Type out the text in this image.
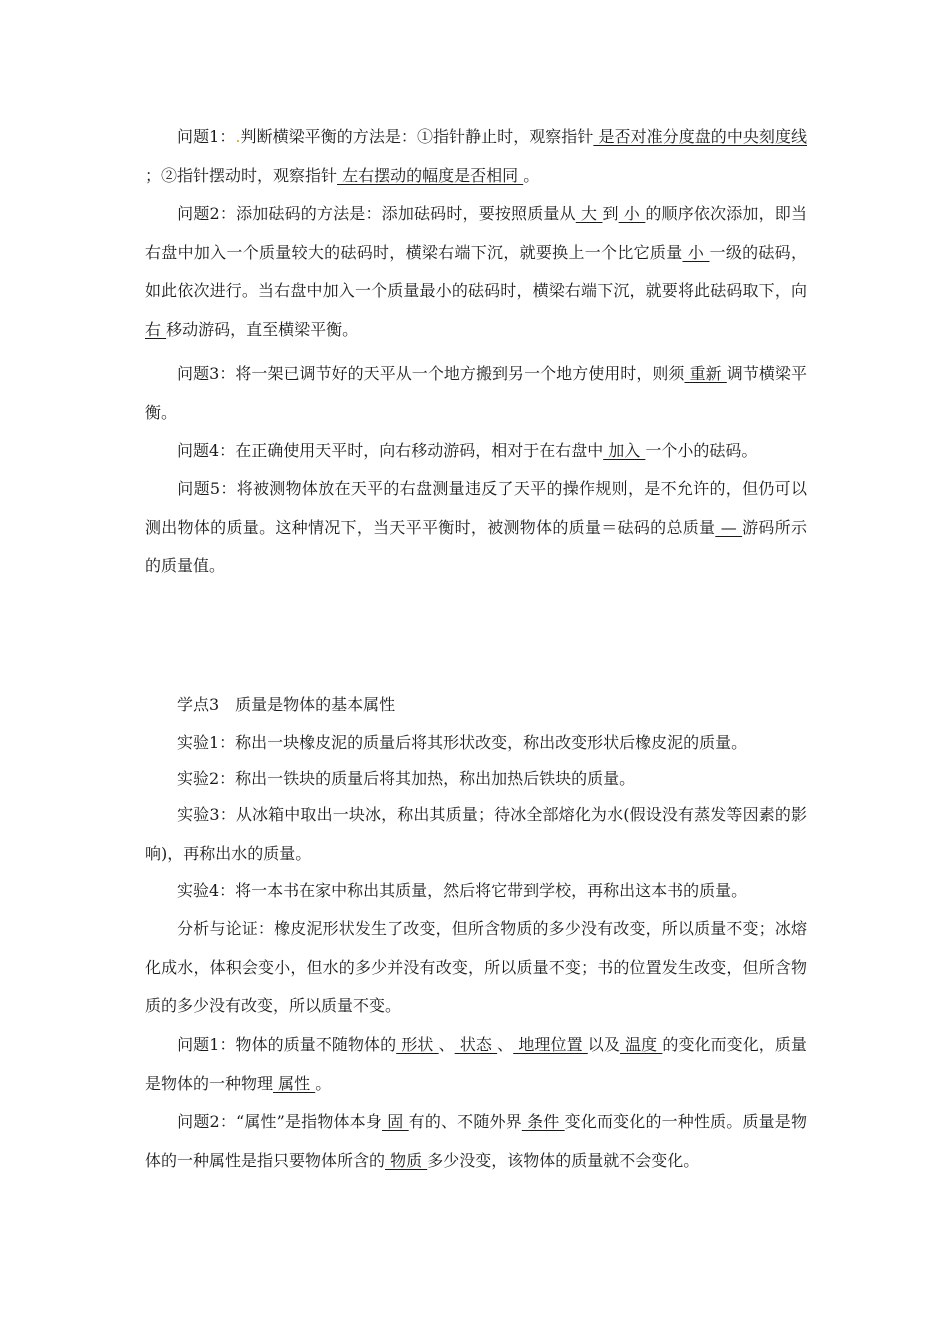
问题1：.判断横梁平衡的方法是：①指针静止时，观察指针 是否对准分度盘的中央刻度线 ；②指针摆动时，观察指针 左右摆动的幅度是否相同 。

问题2：添加砝码的方法是：添加砝码时，要按照质量从 大 到 小 的顺序依次添加，即当右盘中加入一个质量较大的砝码时，横梁右端下沉，就要换上一个比它质量 小 一级的砝码，如此依次进行。当右盘中加入一个质量最小的砝码时，横梁右端下沉，就要将此砝码取下，向 右 移动游码，直至横梁平衡。

问题3：将一架已调节好的天平从一个地方搬到另一个地方使用时，则须 重新 调节横梁平衡。

问题4：在正确使用天平时，向右移动游码，相对于在右盘中 加入 一个小的砝码。

问题5：将被测物体放在天平的右盘测量违反了天平的操作规则，是不允许的，但仍可以测出物体的质量。这种情况下，当天平平衡时，被测物体的质量＝砝码的总质量 — 游码所示的质量值。

学点3　质量是物体的基本属性

实验1：称出一块橡皮泥的质量后将其形状改变，称出改变形状后橡皮泥的质量。

实验2：称出一铁块的质量后将其加热，称出加热后铁块的质量。

实验3：从冰箱中取出一块冰，称出其质量；待冰全部熔化为水(假设没有蒸发等因素的影响)，再称出水的质量。

实验4：将一本书在家中称出其质量，然后将它带到学校，再称出这本书的质量。

分析与论证：橡皮泥形状发生了改变，但所含物质的多少没有改变，所以质量不变；冰熔化成水，体积会变小，但水的多少并没有改变，所以质量不变；书的位置发生改变，但所含物质的多少没有改变，所以质量不变。

问题1：物体的质量不随物体的 形状 、 状态 、 地理位置 以及 温度 的变化而变化，质量是物体的一种物理 属性 。

问题2：“属性”是指物体本身 固 有的、不随外界 条件 变化而变化的一种性质。质量是物体的一种属性是指只要物体所含的 物质 多少没变，该物体的质量就不会变化。
